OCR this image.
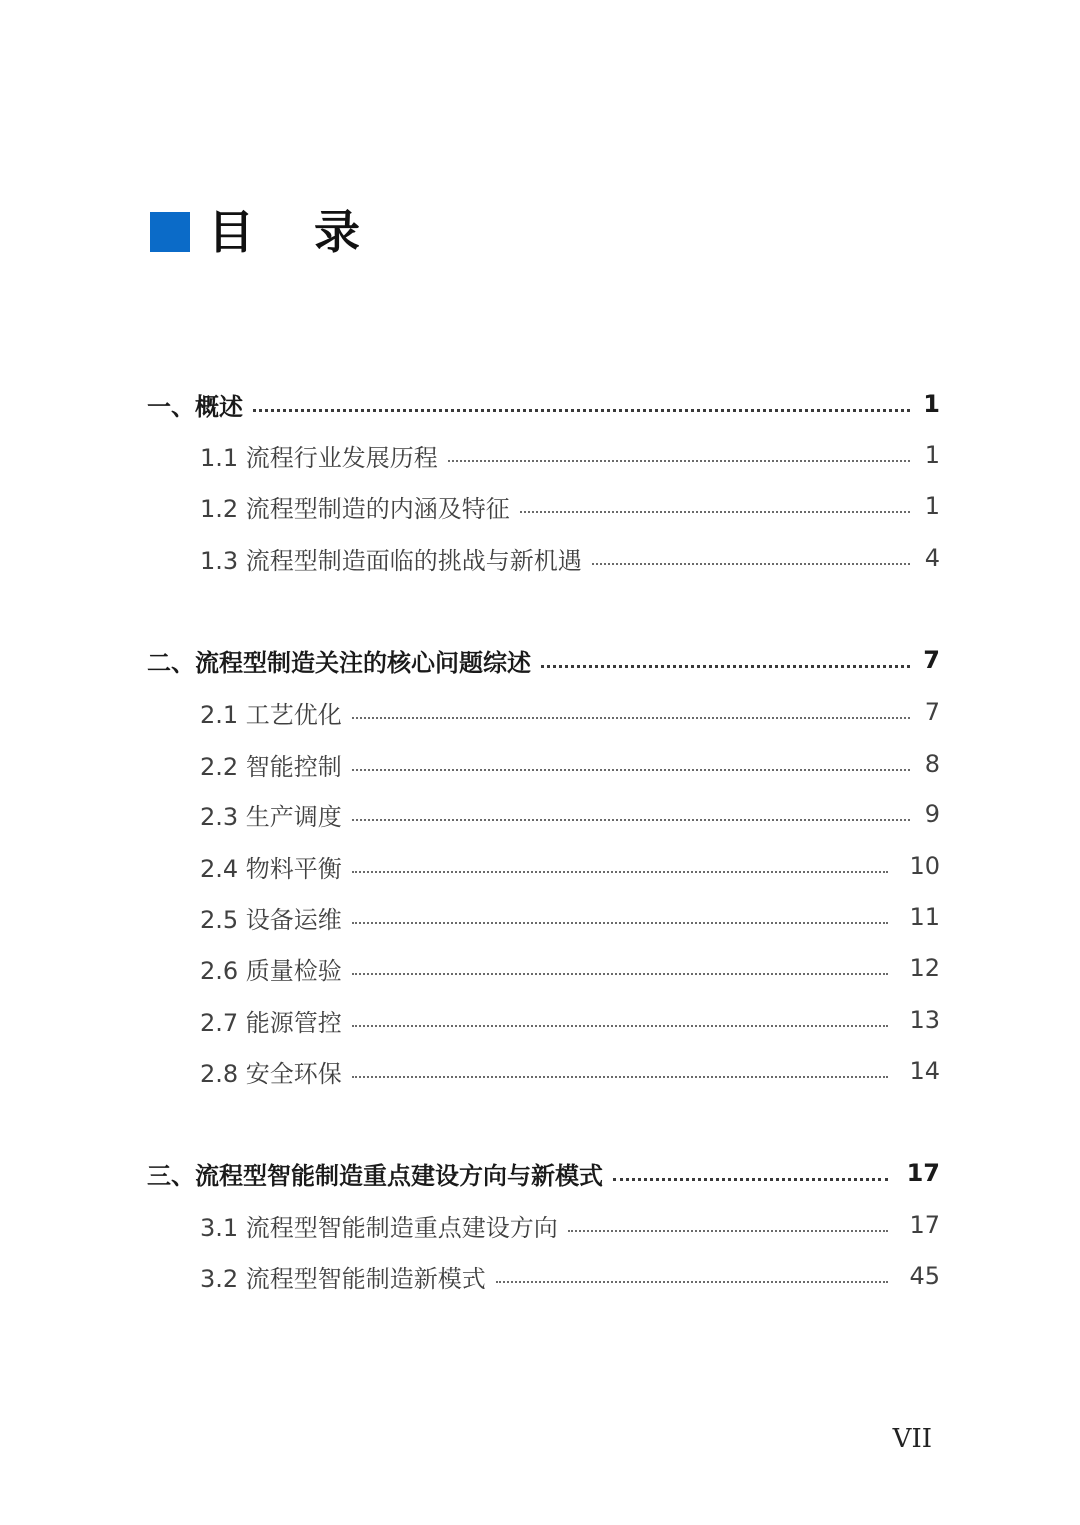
目 录
一、概述	1
1.1 流程行业发展历程	1
1.2 流程型制造的内涵及特征	1
1.3 流程型制造面临的挑战与新机遇	4
二、流程型制造关注的核心问题综述	7
2.1 工艺优化	7
2.2 智能控制	8
2.3 生产调度	9
2.4 物料平衡	10
2.5 设备运维	11
2.6 质量检验	12
2.7 能源管控	13
2.8 安全环保	14
三、流程型智能制造重点建设方向与新模式	17
3.1 流程型智能制造重点建设方向	17
3.2 流程型智能制造新模式	45
VII
